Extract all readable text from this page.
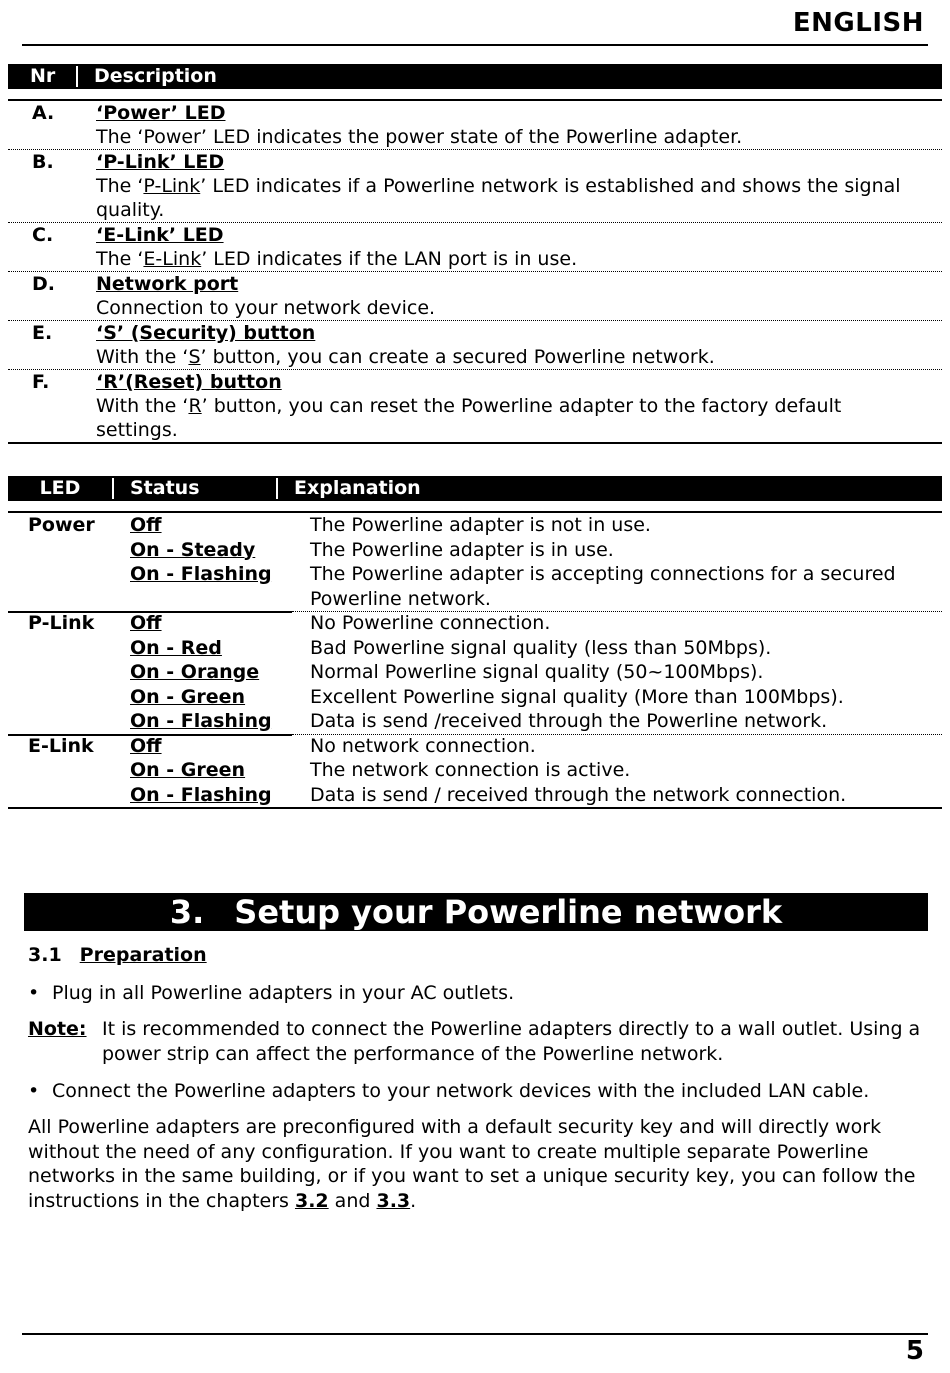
ENGLISH
Nr	Description
A.	‘Power’ LED
The ‘Power’ LED indicates the power state of the Powerline adapter.
B.	‘P-Link’ LED
The ‘P-Link’ LED indicates if a Powerline network is established and shows the signal
quality.
C.	‘E-Link’ LED
The ‘E-Link’ LED indicates if the LAN port is in use.
D.	Network port
Connection to your network device.
E.	‘S’ (Security) button
With the ‘S’ button, you can create a secured Powerline network.
F.	‘R’(Reset) button
With the ‘R’ button, you can reset the Powerline adapter to the factory default
settings.
LED	Status	Explanation
Power	Off	The Powerline adapter is not in use.
On - Steady	The Powerline adapter is in use.
On - Flashing	The Powerline adapter is accepting connections for a secured
Powerline network.
P-Link	Off	No Powerline connection.
On - Red	Bad Powerline signal quality (less than 50Mbps).
On - Orange	Normal Powerline signal quality (50~100Mbps).
On - Green	Excellent Powerline signal quality (More than 100Mbps).
On - Flashing	Data is send /received through the Powerline network.
E-Link	Off	No network connection.
On - Green	The network connection is active.
On - Flashing	Data is send / received through the network connection.
3. Setup your Powerline network
3.1 Preparation
• Plug in all Powerline adapters in your AC outlets.
Note: It is recommended to connect the Powerline adapters directly to a wall outlet. Using a
power strip can affect the performance of the Powerline network.
• Connect the Powerline adapters to your network devices with the included LAN cable.
All Powerline adapters are preconfigured with a default security key and will directly work
without the need of any configuration. If you want to create multiple separate Powerline
networks in the same building, or if you want to set a unique security key, you can follow the
instructions in the chapters 3.2 and 3.3.
5
